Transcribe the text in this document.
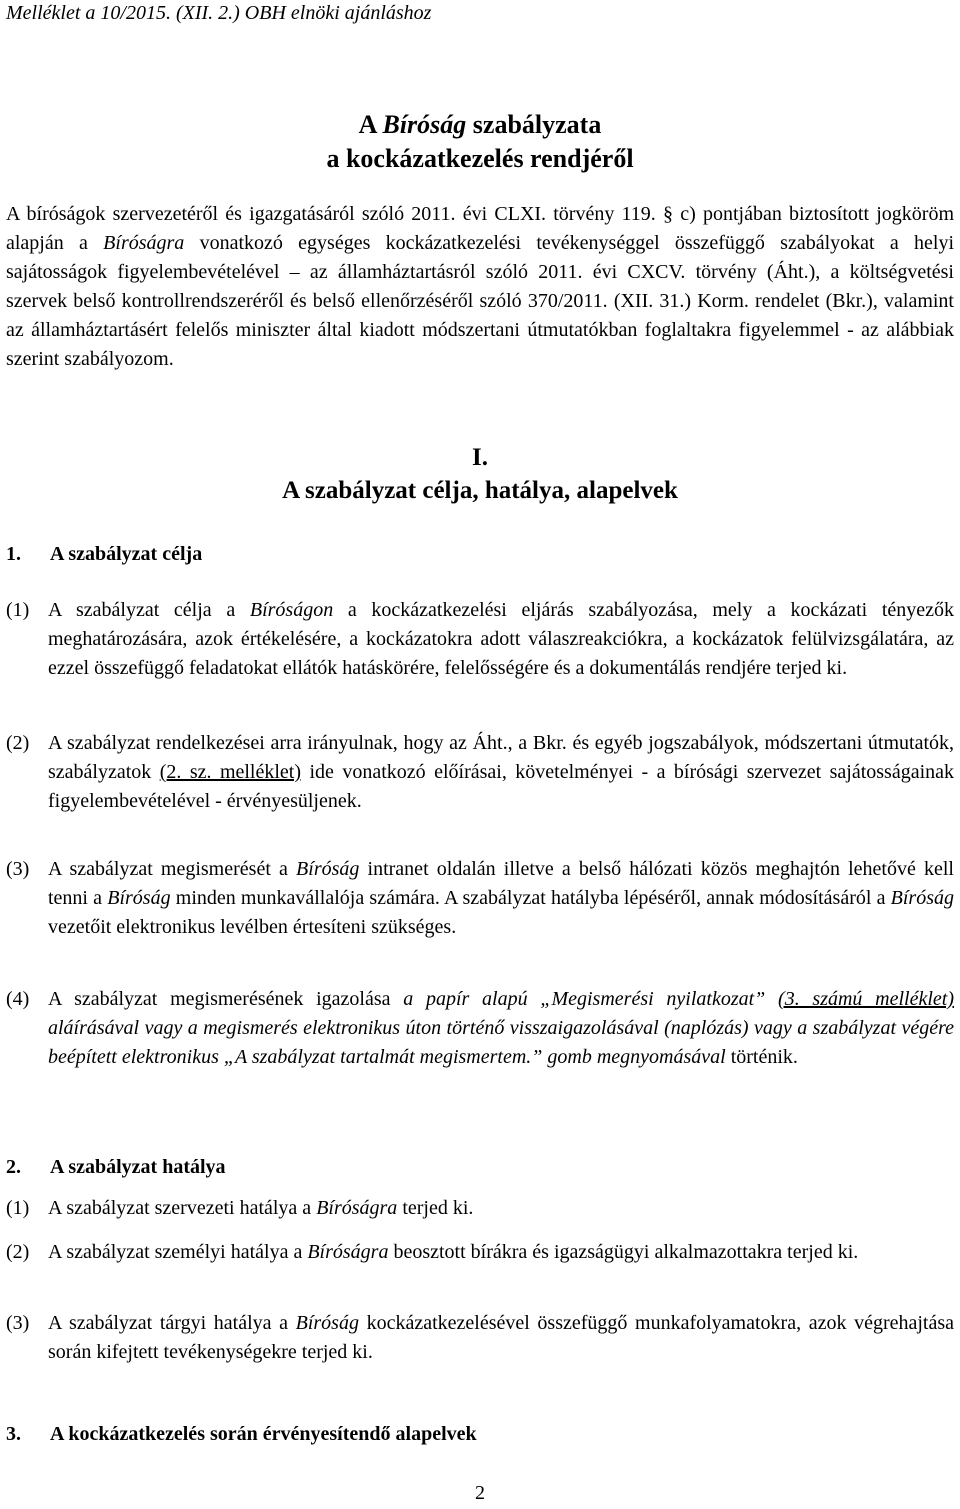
Melléklet a 10/2015. (XII. 2.) OBH elnöki ajánláshoz
A Bíróság szabályzata
a kockázatkezelés rendjéről
A bíróságok szervezetéről és igazgatásáról szóló 2011. évi CLXI. törvény 119. § c) pontjában biztosított jogköröm alapján a Bíróságra vonatkozó egységes kockázatkezelési tevékenységgel összefüggő szabályokat a helyi sajátosságok figyelembevételével – az államháztartásról szóló 2011. évi CXCV. törvény (Áht.), a költségvetési szervek belső kontrollrendszeréről és belső ellenőrzéséről szóló 370/2011. (XII. 31.) Korm. rendelet (Bkr.), valamint az államháztartásért felelős miniszter által kiadott módszertani útmutatókban foglaltakra figyelemmel - az alábbiak szerint szabályozom.
I.
A szabályzat célja, hatálya, alapelvek
1. A szabályzat célja
(1) A szabályzat célja a Bíróságon a kockázatkezelési eljárás szabályozása, mely a kockázati tényezők meghatározására, azok értékelésére, a kockázatokra adott válaszreakciókra, a kockázatok felülvizsgálatára, az ezzel összefüggő feladatokat ellátók hatáskörére, felelősségére és a dokumentálás rendjére terjed ki.
(2) A szabályzat rendelkezései arra irányulnak, hogy az Áht., a Bkr. és egyéb jogszabályok, módszertani útmutatók, szabályzatok (2. sz. melléklet) ide vonatkozó előírásai, követelményei - a bírósági szervezet sajátosságainak figyelembevételével - érvényesüljenek.
(3) A szabályzat megismerését a Bíróság intranet oldalán illetve a belső hálózati közös meghajtón lehetővé kell tenni a Bíróság minden munkavállalója számára. A szabályzat hatályba lépéséről, annak módosításáról a Bíróság vezetőit elektronikus levélben értesíteni szükséges.
(4) A szabályzat megismerésének igazolása a papír alapú „Megismerési nyilatkozat” (3. számú melléklet) aláírásával vagy a megismerés elektronikus úton történő visszaigazolásával (naplózás) vagy a szabályzat végére beépített elektronikus „A szabályzat tartalmát megismertem.” gomb megnyomásával történik.
2. A szabályzat hatálya
(1) A szabályzat szervezeti hatálya a Bíróságra terjed ki.
(2) A szabályzat személyi hatálya a Bíróságra beosztott bírákra és igazságügyi alkalmazottakra terjed ki.
(3) A szabályzat tárgyi hatálya a Bíróság kockázatkezelésével összefüggő munkafolyamatokra, azok végrehajtása során kifejtett tevékenységekre terjed ki.
3. A kockázatkezelés során érvényesítendő alapelvek
2
